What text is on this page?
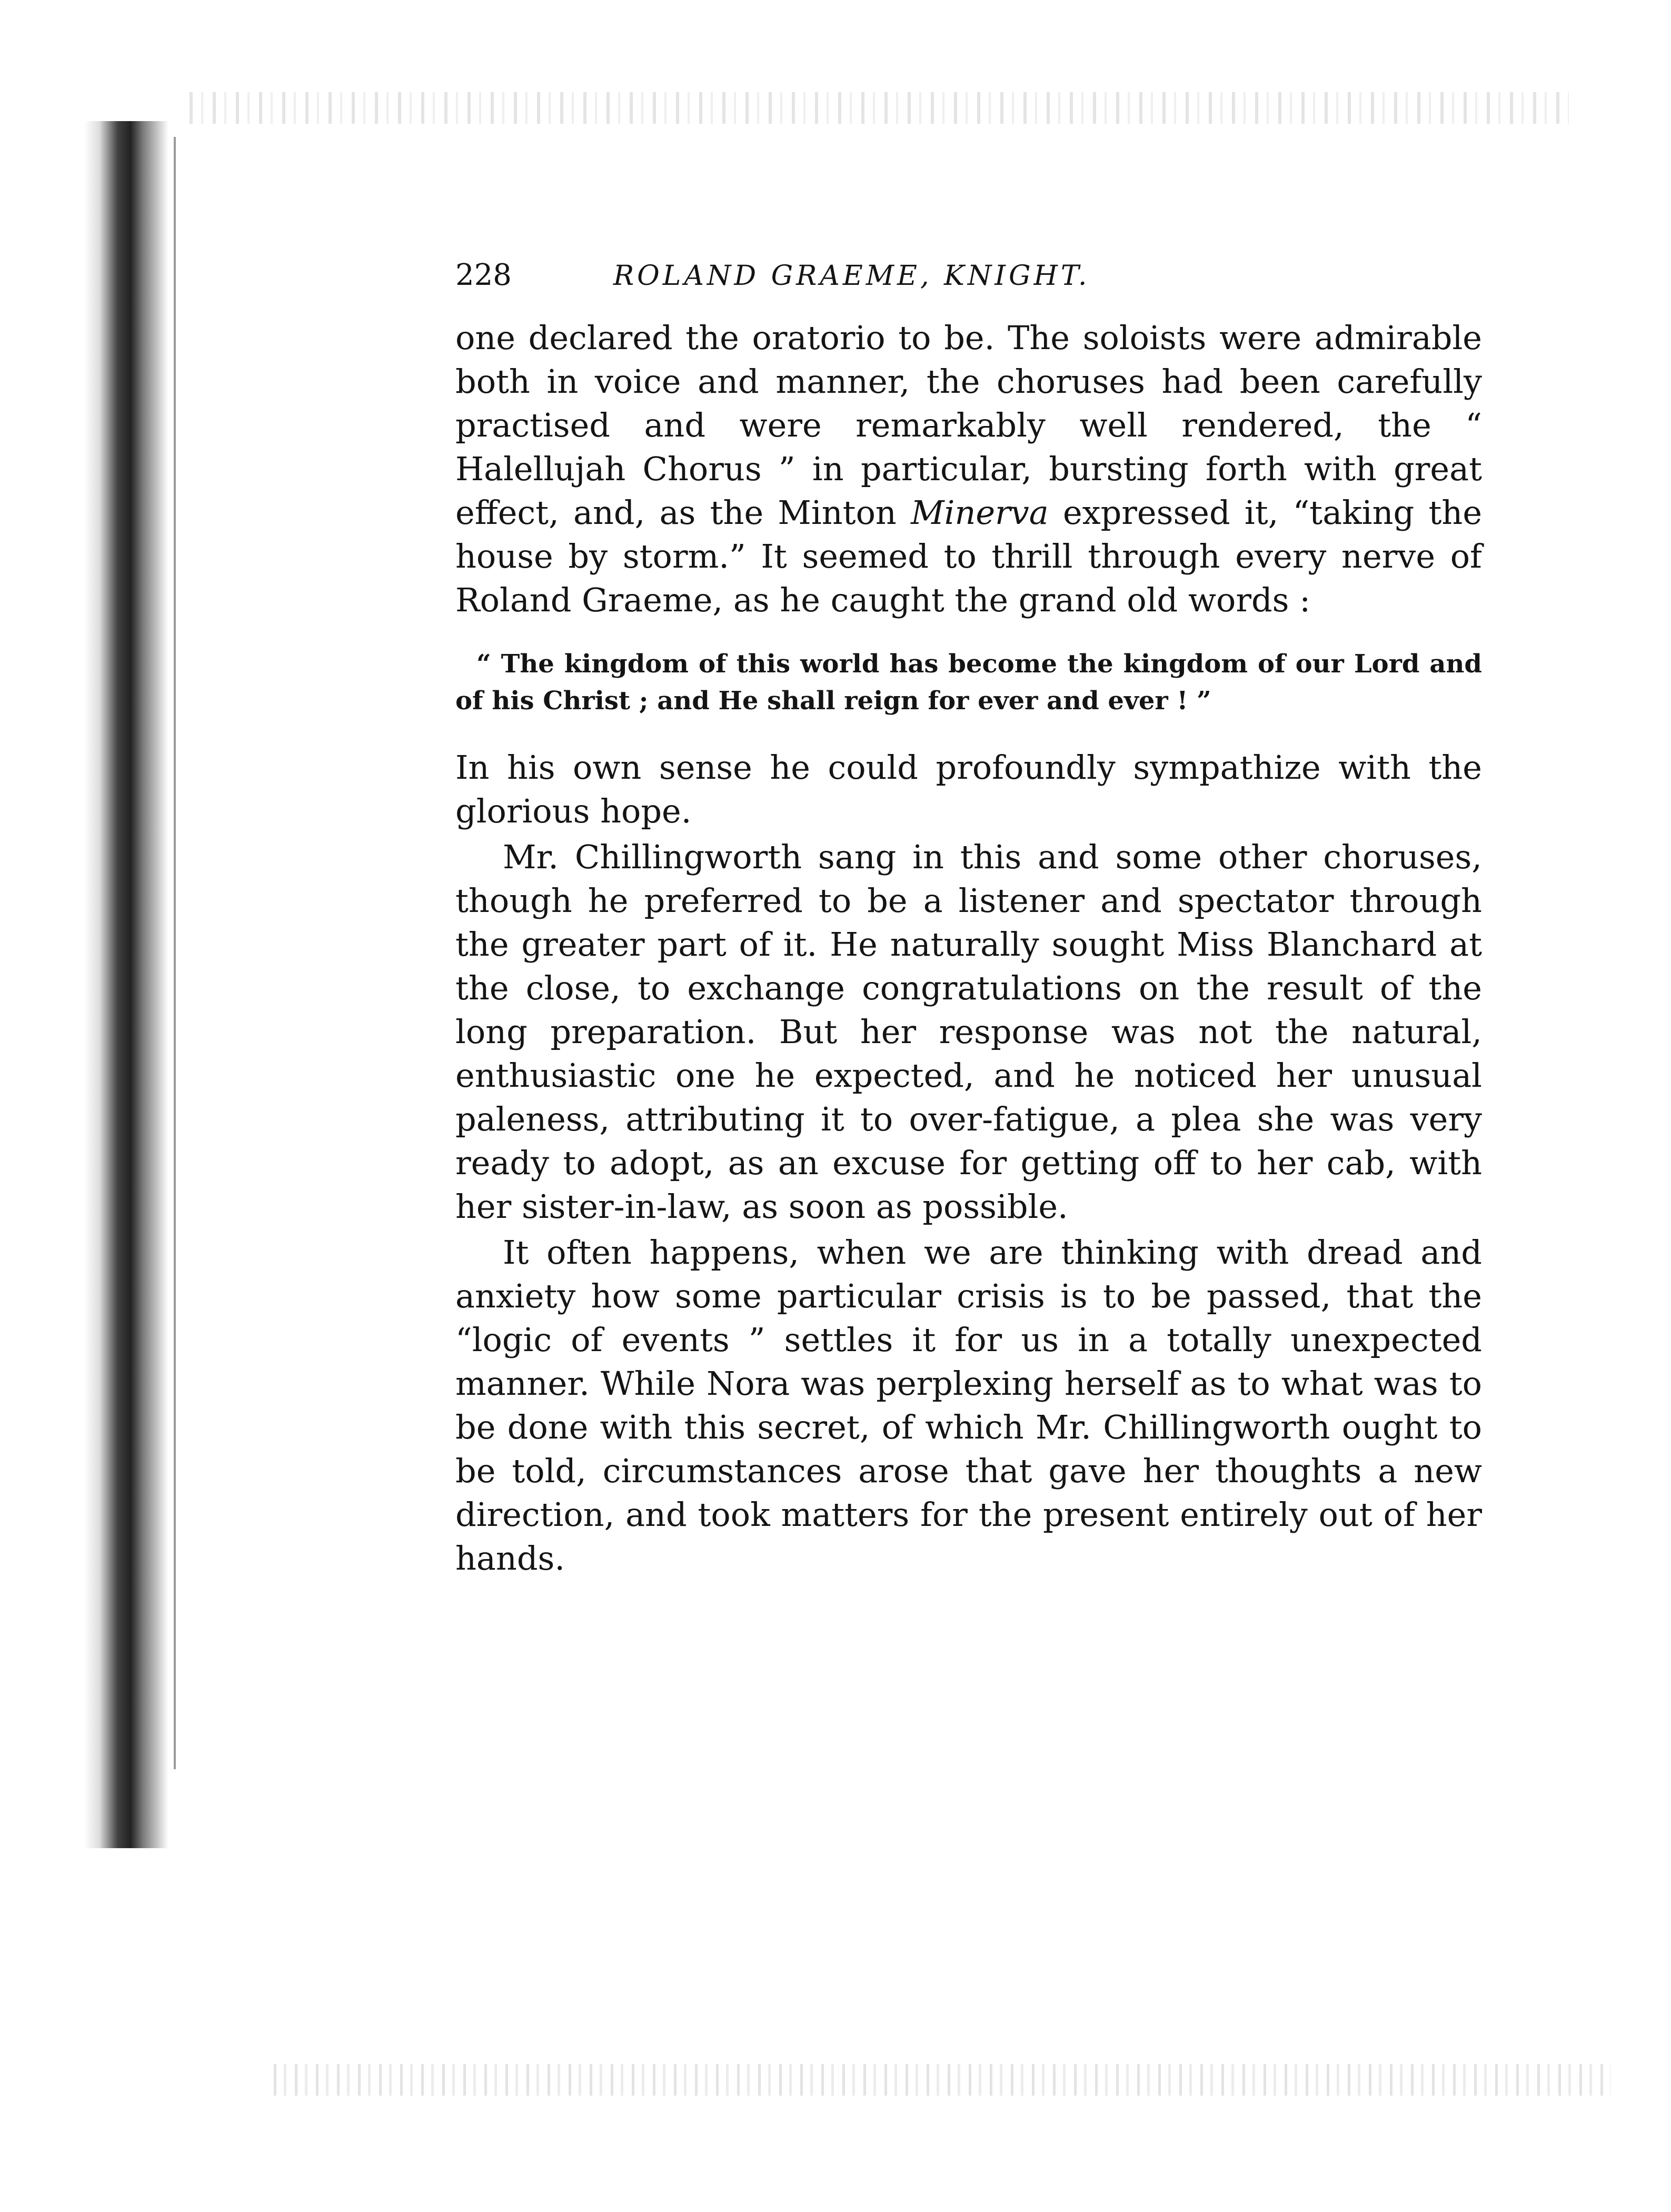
228	ROLAND GRAEME, KNIGHT.

one declared the oratorio to be. The soloists were admirable both in voice and manner, the choruses had been carefully practised and were remarkably well rendered, the “ Halellujah Chorus ” in particular, bursting forth with great effect, and, as the Minton Minerva expressed it, “taking the house by storm.” It seemed to thrill through every nerve of Roland Graeme, as he caught the grand old words :

“ The kingdom of this world has become the kingdom of our Lord and of his Christ ; and He shall reign for ever and ever ! ”

In his own sense he could profoundly sympathize with the glorious hope.

Mr. Chillingworth sang in this and some other choruses, though he preferred to be a listener and spectator through the greater part of it. He naturally sought Miss Blanchard at the close, to exchange congratulations on the result of the long preparation. But her response was not the natural, enthusiastic one he expected, and he noticed her unusual paleness, attributing it to over-fatigue, a plea she was very ready to adopt, as an excuse for getting off to her cab, with her sister-in-law, as soon as possible.

It often happens, when we are thinking with dread and anxiety how some particular crisis is to be passed, that the “logic of events ” settles it for us in a totally unexpected manner. While Nora was perplexing herself as to what was to be done with this secret, of which Mr. Chillingworth ought to be told, circumstances arose that gave her thoughts a new direction, and took matters for the present entirely out of her hands.
